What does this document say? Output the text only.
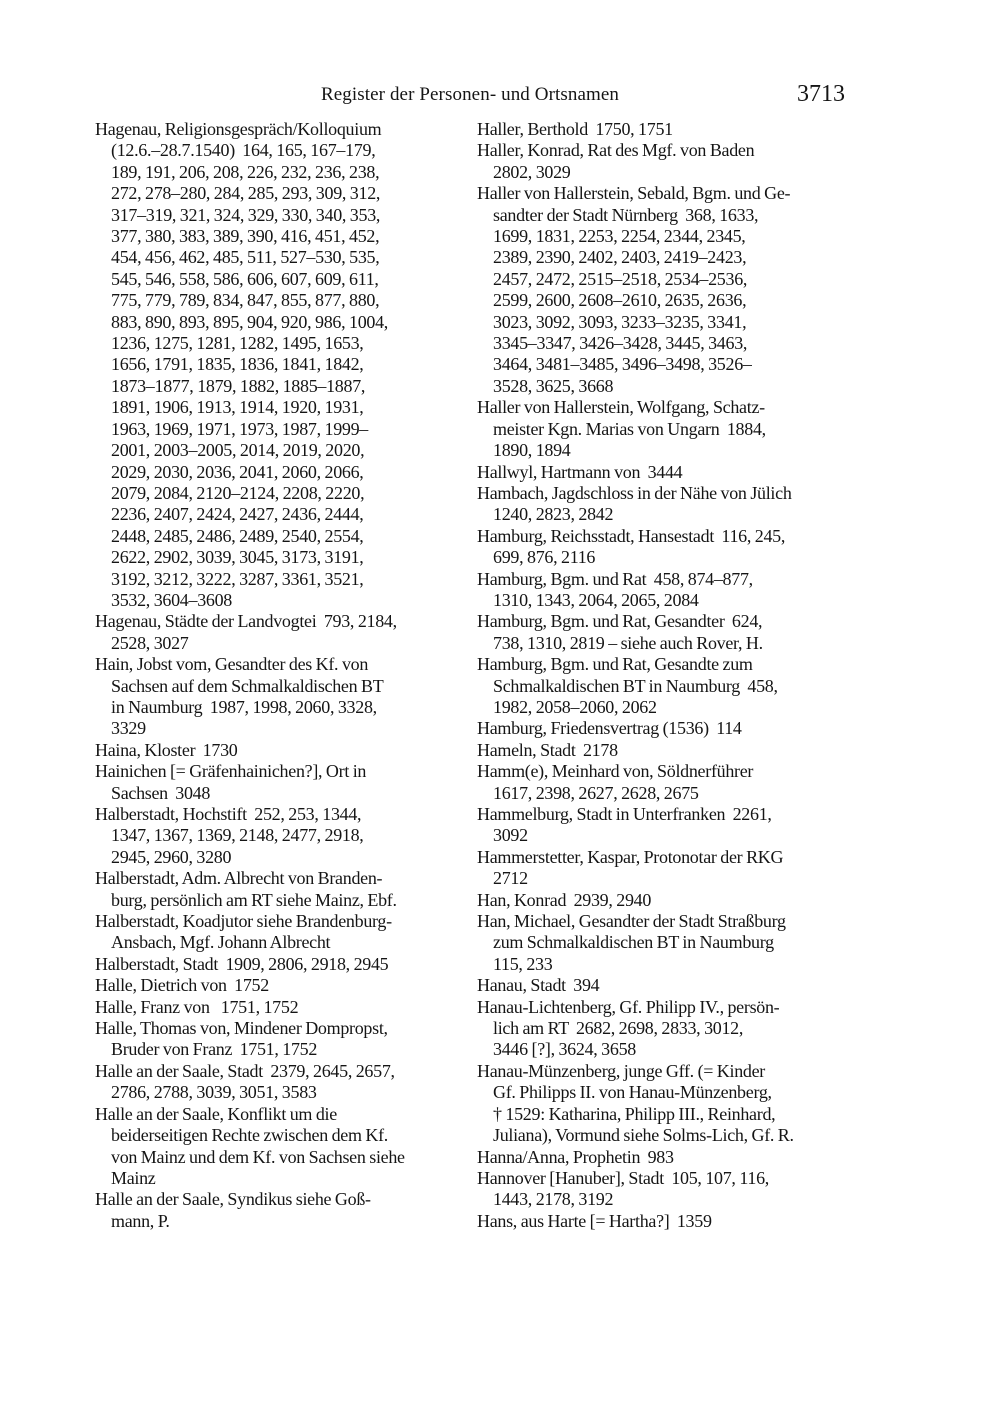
Register der Personen- und Ortsnamen	3713
Hagenau, Religionsgespräch/Kolloquium
(12.6.–28.7.1540)  164, 165, 167–179,
189, 191, 206, 208, 226, 232, 236, 238,
272, 278–280, 284, 285, 293, 309, 312,
317–319, 321, 324, 329, 330, 340, 353,
377, 380, 383, 389, 390, 416, 451, 452,
454, 456, 462, 485, 511, 527–530, 535,
545, 546, 558, 586, 606, 607, 609, 611,
775, 779, 789, 834, 847, 855, 877, 880,
883, 890, 893, 895, 904, 920, 986, 1004,
1236, 1275, 1281, 1282, 1495, 1653,
1656, 1791, 1835, 1836, 1841, 1842,
1873–1877, 1879, 1882, 1885–1887,
1891, 1906, 1913, 1914, 1920, 1931,
1963, 1969, 1971, 1973, 1987, 1999–
2001, 2003–2005, 2014, 2019, 2020,
2029, 2030, 2036, 2041, 2060, 2066,
2079, 2084, 2120–2124, 2208, 2220,
2236, 2407, 2424, 2427, 2436, 2444,
2448, 2485, 2486, 2489, 2540, 2554,
2622, 2902, 3039, 3045, 3173, 3191,
3192, 3212, 3222, 3287, 3361, 3521,
3532, 3604–3608
Hagenau, Städte der Landvogtei  793, 2184,
2528, 3027
Hain, Jobst vom, Gesandter des Kf. von
Sachsen auf dem Schmalkaldischen BT
in Naumburg  1987, 1998, 2060, 3328,
3329
Haina, Kloster  1730
Hainichen [= Gräfenhainichen?], Ort in
Sachsen  3048
Halberstadt, Hochstift  252, 253, 1344,
1347, 1367, 1369, 2148, 2477, 2918,
2945, 2960, 3280
Halberstadt, Adm. Albrecht von Branden-
burg, persönlich am RT siehe Mainz, Ebf.
Halberstadt, Koadjutor siehe Brandenburg-
Ansbach, Mgf. Johann Albrecht
Halberstadt, Stadt  1909, 2806, 2918, 2945
Halle, Dietrich von  1752
Halle, Franz von   1751, 1752
Halle, Thomas von, Mindener Dompropst,
Bruder von Franz  1751, 1752
Halle an der Saale, Stadt  2379, 2645, 2657,
2786, 2788, 3039, 3051, 3583
Halle an der Saale, Konflikt um die
beiderseitigen Rechte zwischen dem Kf.
von Mainz und dem Kf. von Sachsen siehe
Mainz
Halle an der Saale, Syndikus siehe Goß-
mann, P.
Haller, Berthold  1750, 1751
Haller, Konrad, Rat des Mgf. von Baden
2802, 3029
Haller von Hallerstein, Sebald, Bgm. und Ge-
sandter der Stadt Nürnberg  368, 1633,
1699, 1831, 2253, 2254, 2344, 2345,
2389, 2390, 2402, 2403, 2419–2423,
2457, 2472, 2515–2518, 2534–2536,
2599, 2600, 2608–2610, 2635, 2636,
3023, 3092, 3093, 3233–3235, 3341,
3345–3347, 3426–3428, 3445, 3463,
3464, 3481–3485, 3496–3498, 3526–
3528, 3625, 3668
Haller von Hallerstein, Wolfgang, Schatz-
meister Kgn. Marias von Ungarn  1884,
1890, 1894
Hallwyl, Hartmann von  3444
Hambach, Jagdschloss in der Nähe von Jülich
1240, 2823, 2842
Hamburg, Reichsstadt, Hansestadt  116, 245,
699, 876, 2116
Hamburg, Bgm. und Rat  458, 874–877,
1310, 1343, 2064, 2065, 2084
Hamburg, Bgm. und Rat, Gesandter  624,
738, 1310, 2819 – siehe auch Rover, H.
Hamburg, Bgm. und Rat, Gesandte zum
Schmalkaldischen BT in Naumburg  458,
1982, 2058–2060, 2062
Hamburg, Friedensvertrag (1536)  114
Hameln, Stadt  2178
Hamm(e), Meinhard von, Söldnerführer
1617, 2398, 2627, 2628, 2675
Hammelburg, Stadt in Unterfranken  2261,
3092
Hammerstetter, Kaspar, Protonotar der RKG
2712
Han, Konrad  2939, 2940
Han, Michael, Gesandter der Stadt Straßburg
zum Schmalkaldischen BT in Naumburg
115, 233
Hanau, Stadt  394
Hanau-Lichtenberg, Gf. Philipp IV., persön-
lich am RT  2682, 2698, 2833, 3012,
3446 [?], 3624, 3658
Hanau-Münzenberg, junge Gff. (= Kinder
Gf. Philipps II. von Hanau-Münzenberg,
† 1529: Katharina, Philipp III., Reinhard,
Juliana), Vormund siehe Solms-Lich, Gf. R.
Hanna/Anna, Prophetin  983
Hannover [Hanuber], Stadt  105, 107, 116,
1443, 2178, 3192
Hans, aus Harte [= Hartha?]  1359
